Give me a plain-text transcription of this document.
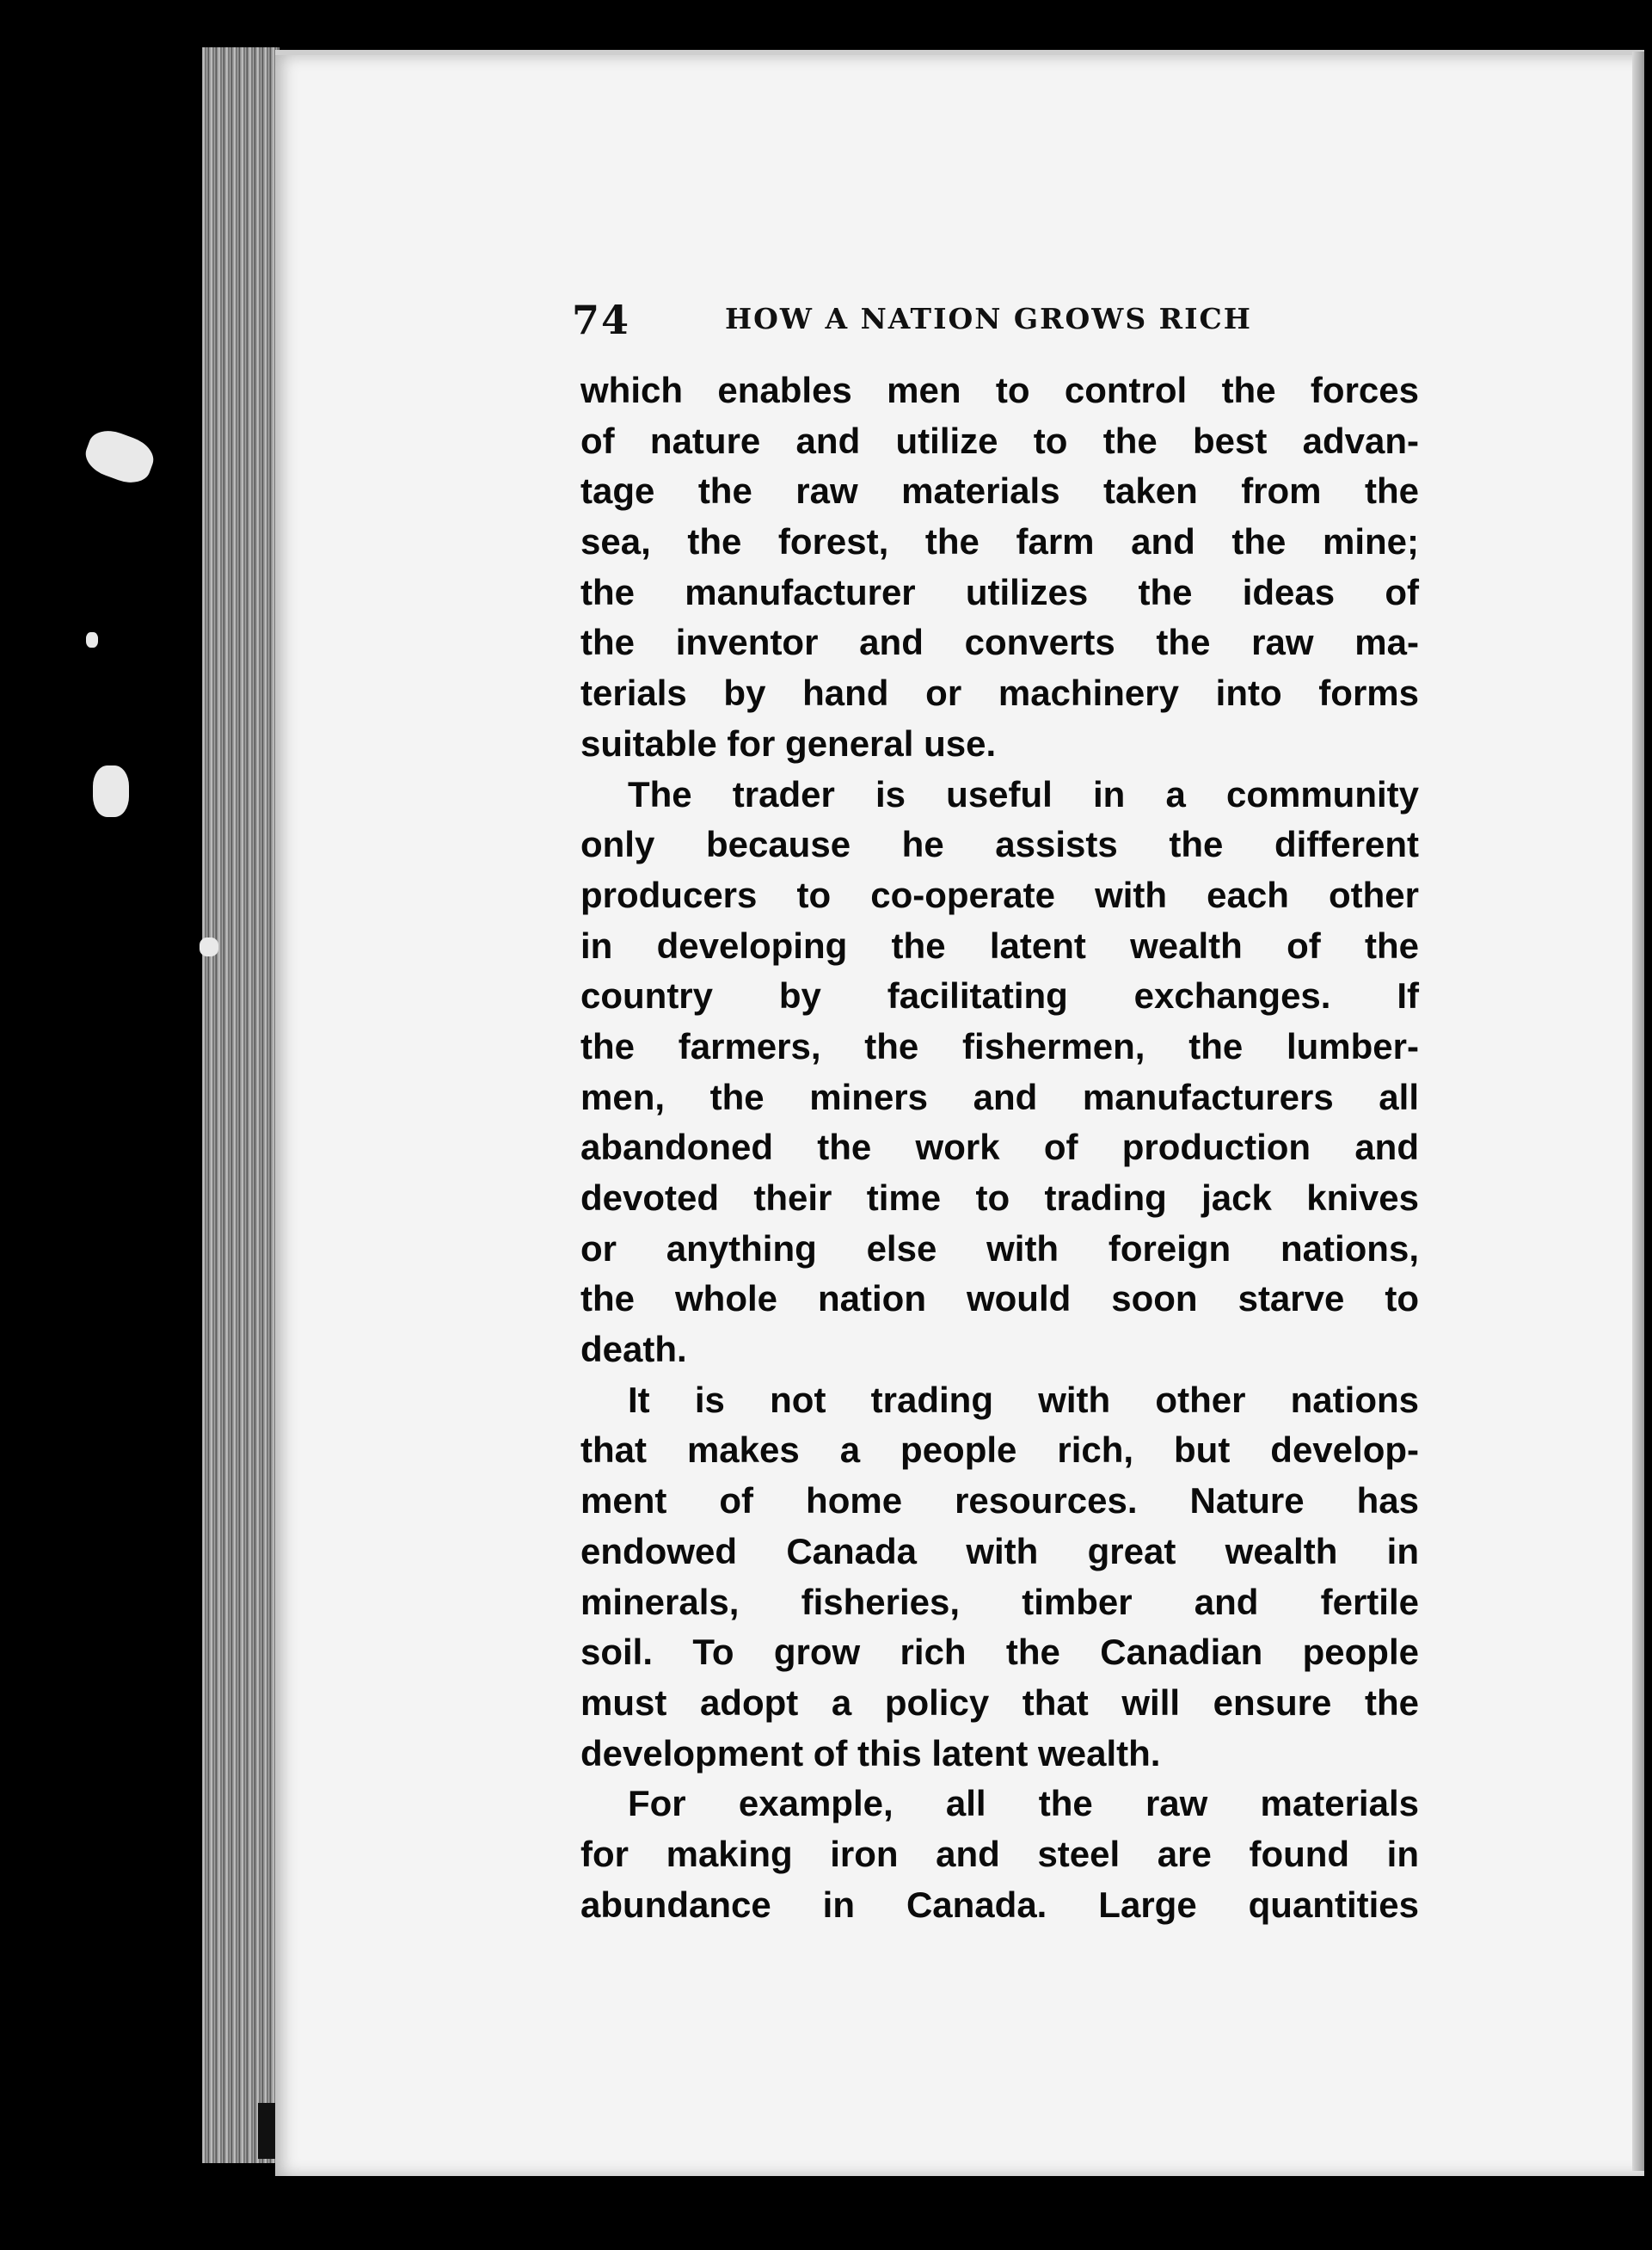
74	HOW A NATION GROWS RICH
which enables men to control the forces
of nature and utilize to the best advan-
tage the raw materials taken from the
sea, the forest, the farm and the mine;
the manufacturer utilizes the ideas of
the inventor and converts the raw ma-
terials by hand or machinery into forms
suitable for general use.
The trader is useful in a community
only because he assists the different
producers to co-operate with each other
in developing the latent wealth of the
country by facilitating exchanges. If
the farmers, the fishermen, the lumber-
men, the miners and manufacturers all
abandoned the work of production and
devoted their time to trading jack knives
or anything else with foreign nations,
the whole nation would soon starve to
death.
It is not trading with other nations
that makes a people rich, but develop-
ment of home resources. Nature has
endowed Canada with great wealth in
minerals, fisheries, timber and fertile
soil. To grow rich the Canadian people
must adopt a policy that will ensure the
development of this latent wealth.
For example, all the raw materials
for making iron and steel are found in
abundance in Canada. Large quantities
